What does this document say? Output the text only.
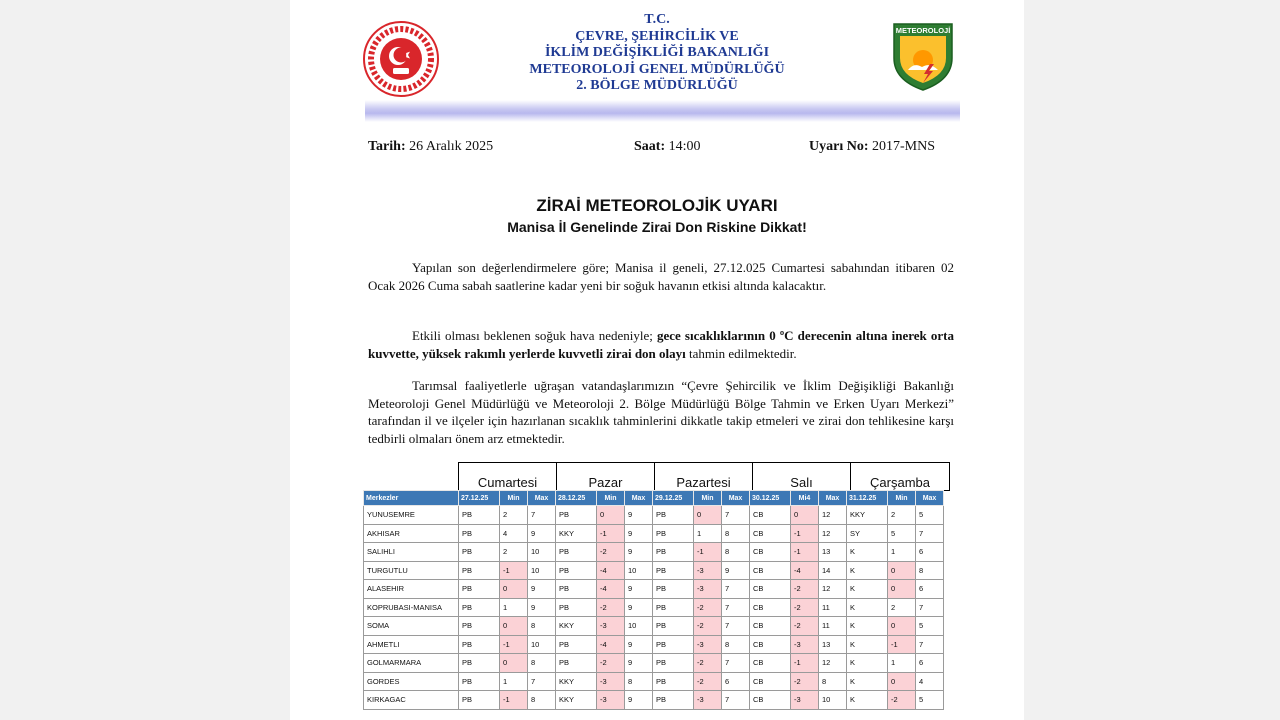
T.C.
ÇEVRE, ŞEHİRCİLİK VE
İKLİM DEĞİŞİKLİĞİ BAKANLIĞI
METEOROLOJİ GENEL MÜDÜRLÜĞÜ
2. BÖLGE MÜDÜRLÜĞÜ
METEOROLOJİ
Tarih: 26 Aralık 2025	Saat: 14:00	Uyarı No: 2017-MNS
ZİRAİ METEOROLOJİK UYARI
Manisa İl Genelinde Zirai Don Riskine Dikkat!
Yapılan son değerlendirmelere göre; Manisa il geneli, 27.12.025 Cumartesi sabahından itibaren 02 Ocak 2026 Cuma sabah saatlerine kadar yeni bir soğuk havanın etkisi altında kalacaktır.
Etkili olması beklenen soğuk hava nedeniyle; gece sıcaklıklarının 0 ºC derecenin altına inerek orta kuvvette, yüksek rakımlı yerlerde kuvvetli zirai don olayı tahmin edilmektedir.
Tarımsal faaliyetlerle uğraşan vatandaşlarımızın “Çevre Şehircilik ve İklim Değişikliği Bakanlığı Meteoroloji Genel Müdürlüğü ve Meteoroloji 2. Bölge Müdürlüğü Bölge Tahmin ve Erken Uyarı Merkezi” tarafından il ve ilçeler için hazırlanan sıcaklık tahminlerini dikkatle takip etmeleri ve zirai don tehlikesine karşı tedbirli olmaları önem arz etmektedir.
Cumartesi	Pazar	Pazartesi	Salı	Çarşamba
Merkezler	27.12.25	Min	Max	28.12.25	Min	Max	29.12.25	Min	Max	30.12.25	Mi4	Max	31.12.25	Min	Max
YUNUSEMRE	PB	2	7	PB	0	9	PB	0	7	CB	0	12	KKY	2	5
AKHISAR	PB	4	9	KKY	-1	9	PB	1	8	CB	-1	12	SY	5	7
SALIHLI	PB	2	10	PB	-2	9	PB	-1	8	CB	-1	13	K	1	6
TURGUTLU	PB	-1	10	PB	-4	10	PB	-3	9	CB	-4	14	K	0	8
ALASEHIR	PB	0	9	PB	-4	9	PB	-3	7	CB	-2	12	K	0	6
KOPRUBASI-MANISA	PB	1	9	PB	-2	9	PB	-2	7	CB	-2	11	K	2	7
SOMA	PB	0	8	KKY	-3	10	PB	-2	7	CB	-2	11	K	0	5
AHMETLI	PB	-1	10	PB	-4	9	PB	-3	8	CB	-3	13	K	-1	7
GOLMARMARA	PB	0	8	PB	-2	9	PB	-2	7	CB	-1	12	K	1	6
GORDES	PB	1	7	KKY	-3	8	PB	-2	6	CB	-2	8	K	0	4
KIRKAGAC	PB	-1	8	KKY	-3	9	PB	-3	7	CB	-3	10	K	-2	5
